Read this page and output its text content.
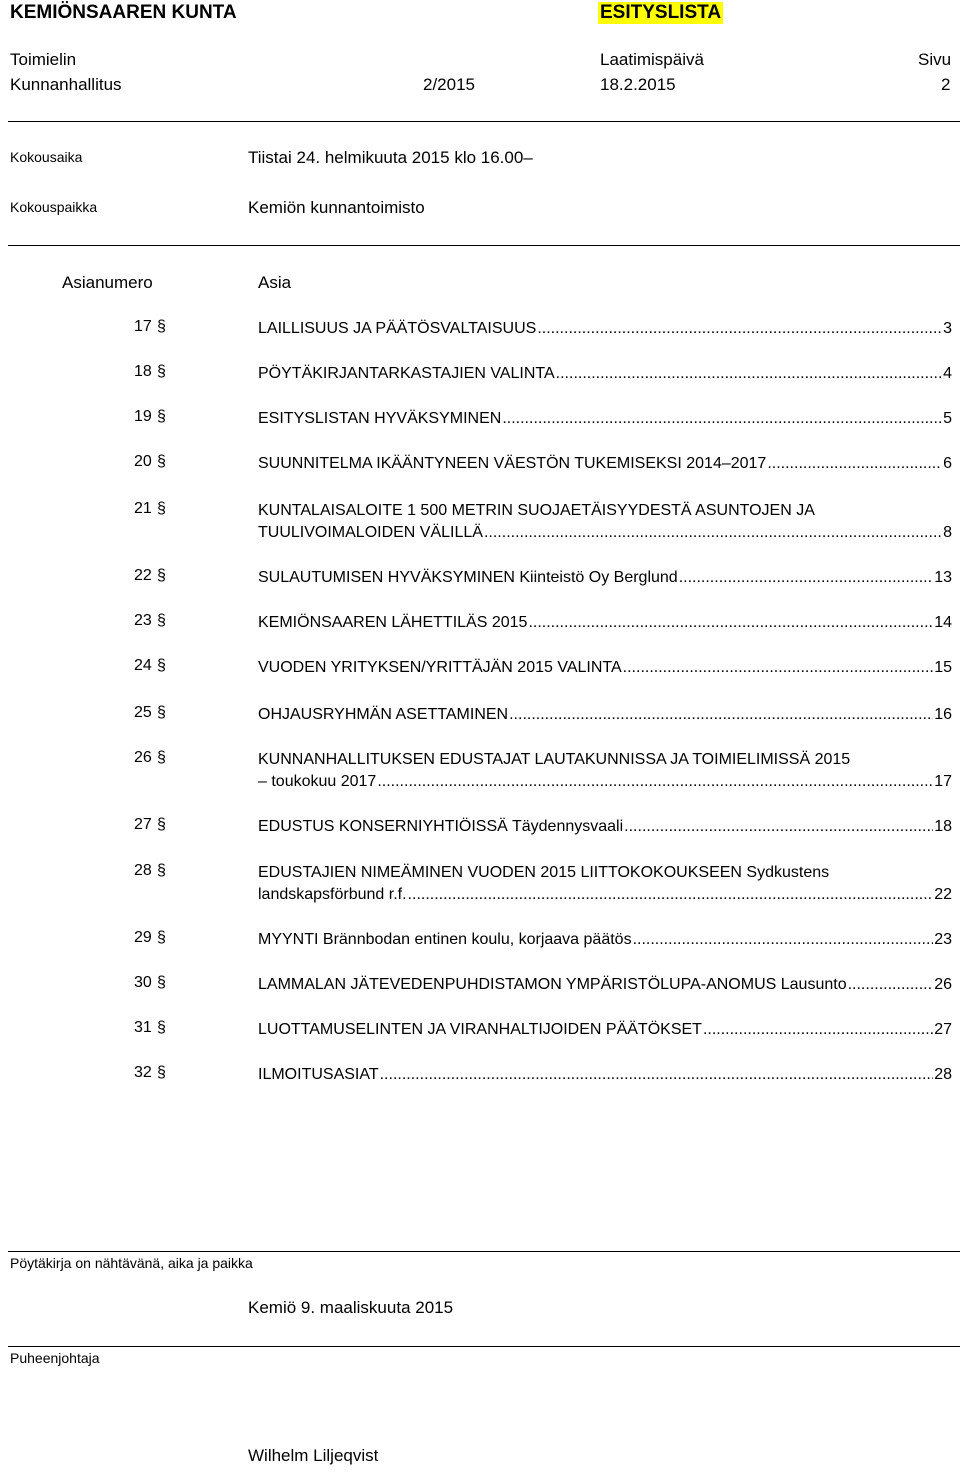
KEMIÖNSAAREN KUNTA	ESITYSLISTA
Toimielin	Laatimispäivä	Sivu
Kunnanhallitus	2/2015	18.2.2015	2
Kokousaika	Tiistai 24. helmikuuta 2015 klo 16.00–
Kokouspaikka	Kemiön kunnantoimisto
Asianumero	Asia
17 §	LAILLISUUS JA PÄÄTÖSVALTAISUUS .....	3
18 §	PÖYTÄKIRJANTARKASTAJIEN VALINTA .....	4
19 §	ESITYSLISTAN HYVÄKSYMINEN .....	5
20 §	SUUNNITELMA IKÄÄNTYNEEN VÄESTÖN TUKEMISEKSI 2014–2017 .....	6
21 §	KUNTALAISALOITE 1 500 METRIN SUOJAETÄISYYDESTÄ ASUNTOJEN JA
TUULIVOIMALOIDEN VÄLILLÄ .....	8
22 §	SULAUTUMISEN HYVÄKSYMINEN Kiinteistö Oy Berglund .....	13
23 §	KEMIÖNSAAREN LÄHETTILÄS 2015 .....	14
24 §	VUODEN YRITYKSEN/YRITTÄJÄN 2015 VALINTA .....	15
25 §	OHJAUSRYHMÄN ASETTAMINEN .....	16
26 §	KUNNANHALLITUKSEN EDUSTAJAT LAUTAKUNNISSA JA TOIMIELIMISSÄ 2015
– toukokuu 2017 .....	17
27 §	EDUSTUS KONSERNIYHTIÖISSÄ Täydennysvaali .....	18
28 §	EDUSTAJIEN NIMEÄMINEN VUODEN 2015 LIITTOKOKOUKSEEN Sydkustens
landskapsförbund r.f. .....	22
29 §	MYYNTI Brännbodan entinen koulu, korjaava päätös .....	23
30 §	LAMMALAN JÄTEVEDENPUHDISTAMON YMPÄRISTÖLUPA-ANOMUS Lausunto .....	26
31 §	LUOTTAMUSELINTEN JA VIRANHALTIJOIDEN PÄÄTÖKSET .....	27
32 §	ILMOITUSASIAT .....	28
Pöytäkirja on nähtävänä, aika ja paikka
Kemiö 9. maaliskuuta 2015
Puheenjohtaja
Wilhelm Liljeqvist
